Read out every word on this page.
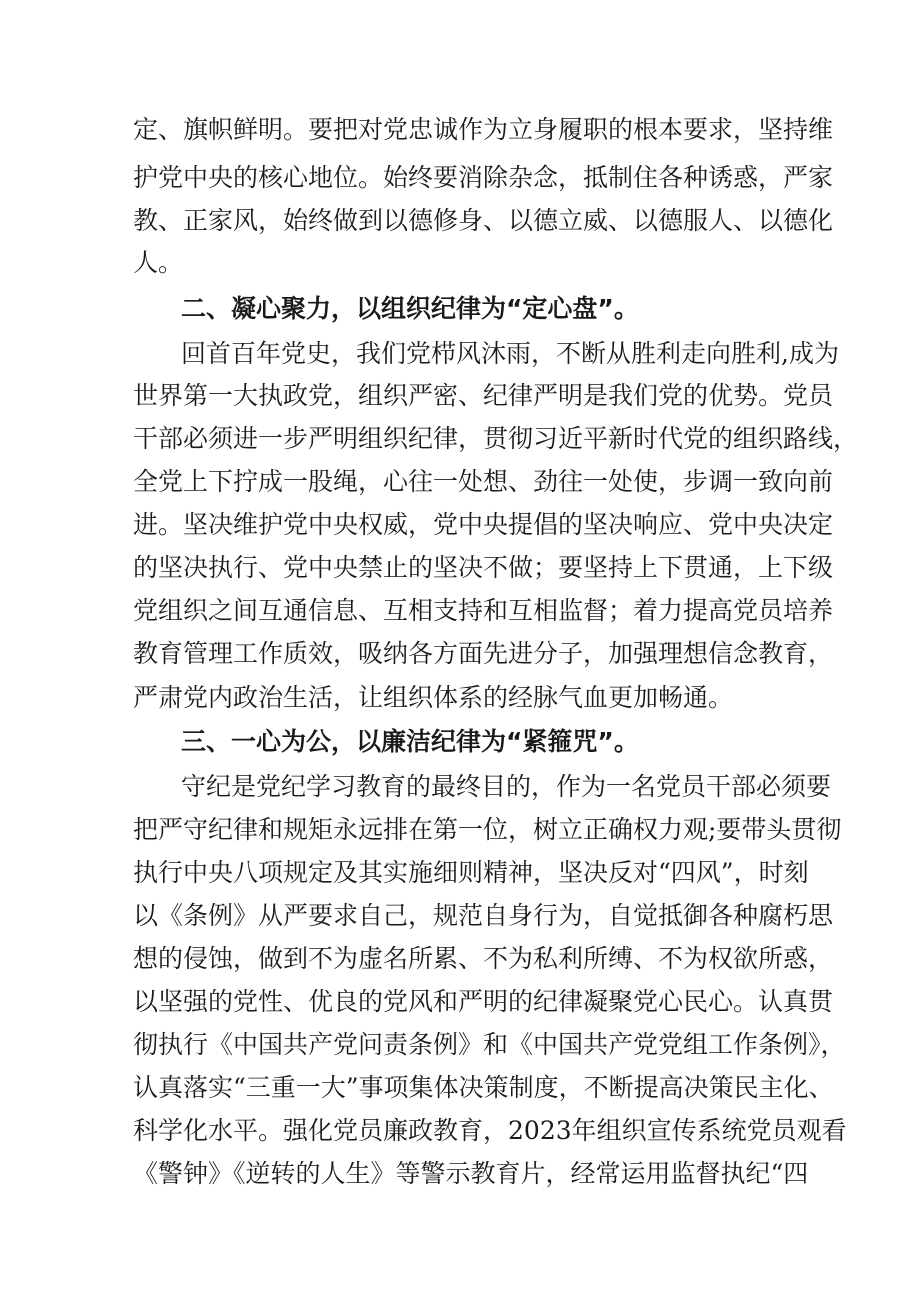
定、旗帜鲜明。要把对党忠诚作为立身履职的根本要求，坚持维
护党中央的核心地位。始终要消除杂念，抵制住各种诱惑，严家
教、正家风，始终做到以德修身、以德立威、以德服人、以德化
人。
二、凝心聚力，以组织纪律为“定心盘”。
回首百年党史，我们党栉风沐雨，不断从胜利走向胜利,成为
世界第一大执政党，组织严密、纪律严明是我们党的优势。党员
干部必须进一步严明组织纪律，贯彻习近平新时代党的组织路线，
全党上下拧成一股绳，心往一处想、劲往一处使，步调一致向前
进。坚决维护党中央权威，党中央提倡的坚决响应、党中央决定
的坚决执行、党中央禁止的坚决不做；要坚持上下贯通，上下级
党组织之间互通信息、互相支持和互相监督；着力提高党员培养
教育管理工作质效，吸纳各方面先进分子，加强理想信念教育，
严肃党内政治生活，让组织体系的经脉气血更加畅通。
三、一心为公，以廉洁纪律为“紧箍咒”。
守纪是党纪学习教育的最终目的，作为一名党员干部必须要
把严守纪律和规矩永远排在第一位，树立正确权力观;要带头贯彻
执行中央八项规定及其实施细则精神，坚决反对“四风”，时刻
以《条例》从严要求自己，规范自身行为，自觉抵御各种腐朽思
想的侵蚀，做到不为虚名所累、不为私利所缚、不为权欲所惑，
以坚强的党性、优良的党风和严明的纪律凝聚党心民心。认真贯
彻执行《中国共产党问责条例》和《中国共产党党组工作条例》，
认真落实“三重一大”事项集体决策制度，不断提高决策民主化、
科学化水平。强化党员廉政教育，2023年组织宣传系统党员观看
《警钟》《逆转的人生》等警示教育片，经常运用监督执纪“四
